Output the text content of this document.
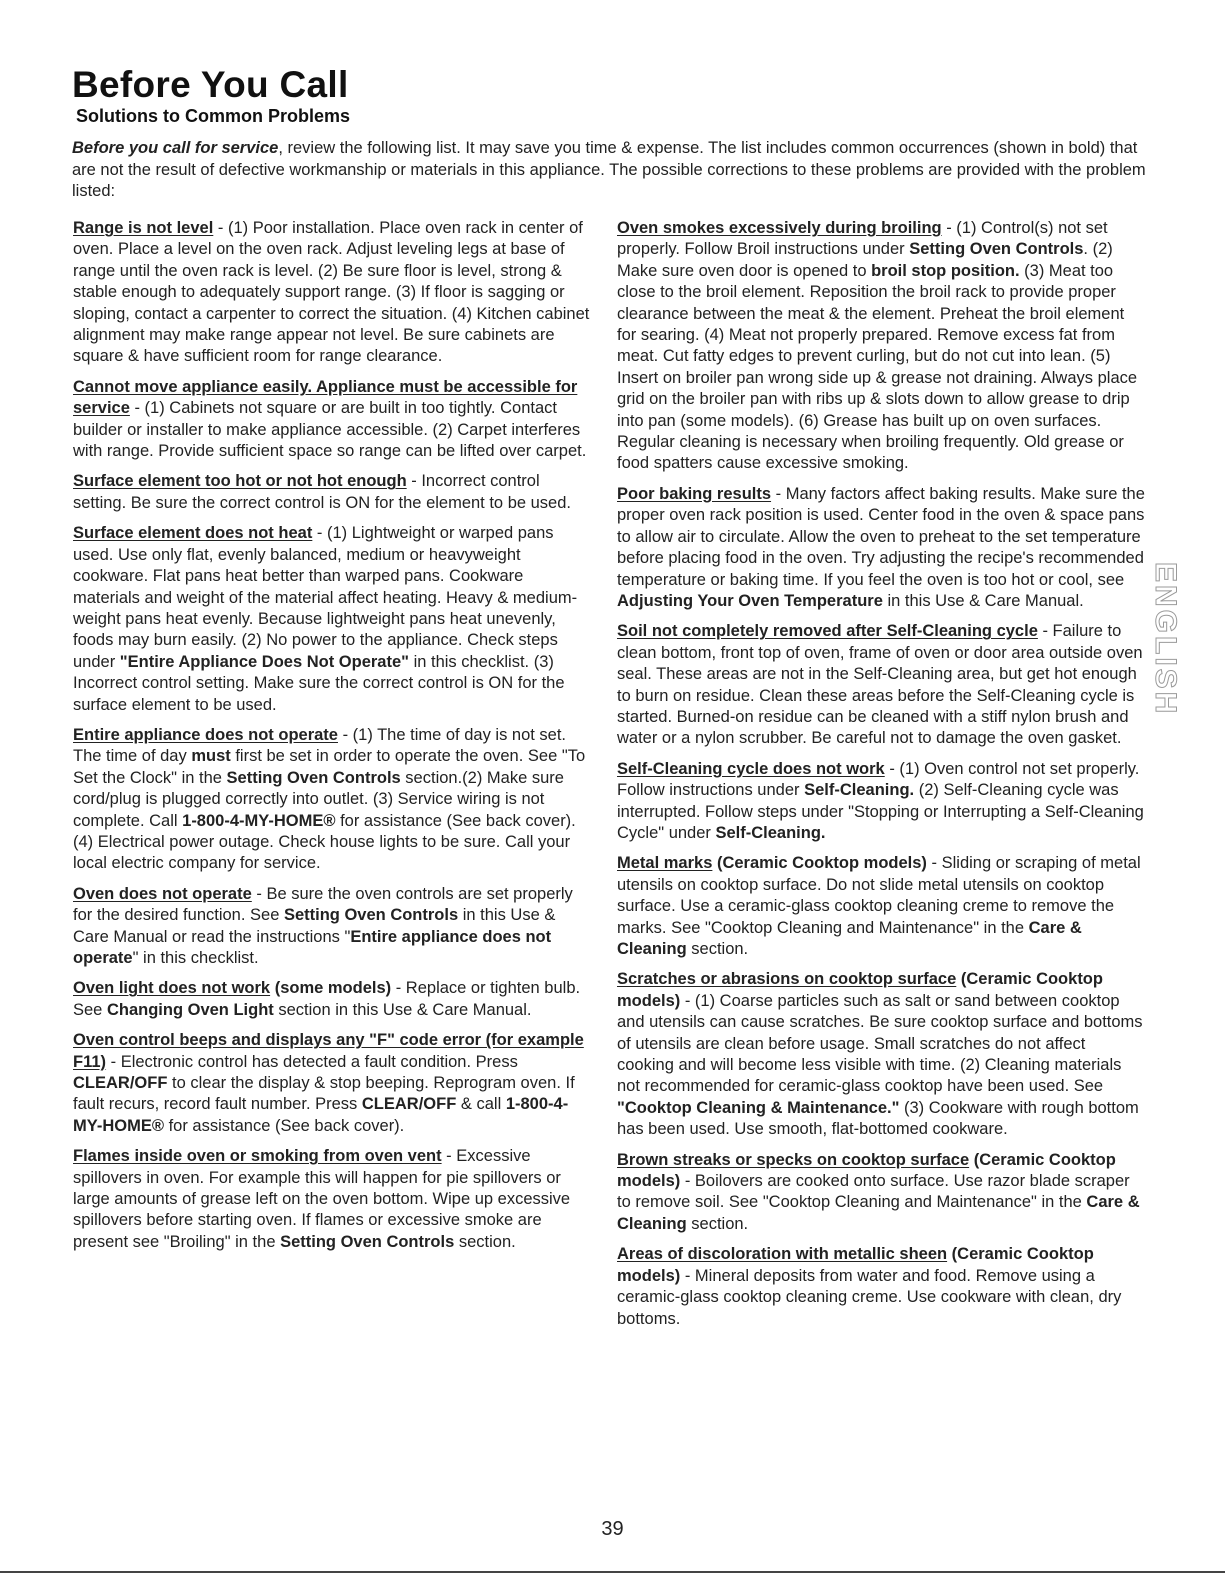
Before You Call
Solutions to Common Problems
Before you call for service, review the following list. It may save you time & expense. The list includes common occurrences (shown in bold) that are not the result of defective workmanship or materials in this appliance. The possible corrections to these problems are provided with the problem listed:

Range is not level - (1) Poor installation. Place oven rack in center of oven. Place a level on the oven rack. Adjust leveling legs at base of range until the oven rack is level. (2) Be sure floor is level, strong & stable enough to adequately support range. (3) If floor is sagging or sloping, contact a carpenter to correct the situation. (4) Kitchen cabinet alignment may make range appear not level. Be sure cabinets are square & have sufficient room for range clearance.

Cannot move appliance easily. Appliance must be accessible for service - (1) Cabinets not square or are built in too tightly. Contact builder or installer to make appliance accessible. (2) Carpet interferes with range. Provide sufficient space so range can be lifted over carpet.

Surface element too hot or not hot enough - Incorrect control setting. Be sure the correct control is ON for the element to be used.

Surface element does not heat - (1) Lightweight or warped pans used. Use only flat, evenly balanced, medium or heavyweight cookware. Flat pans heat better than warped pans. Cookware materials and weight of the material affect heating. Heavy & medium-weight pans heat evenly. Because lightweight pans heat unevenly, foods may burn easily. (2) No power to the appliance. Check steps under "Entire Appliance Does Not Operate" in this checklist. (3) Incorrect control setting. Make sure the correct control is ON for the surface element to be used.

Entire appliance does not operate - (1) The time of day is not set. The time of day must first be set in order to operate the oven. See "To Set the Clock" in the Setting Oven Controls section.(2) Make sure cord/plug is plugged correctly into outlet. (3) Service wiring is not complete. Call 1-800-4-MY-HOME® for assistance (See back cover). (4) Electrical power outage. Check house lights to be sure. Call your local electric company for service.

Oven does not operate - Be sure the oven controls are set properly for the desired function. See Setting Oven Controls in this Use & Care Manual or read the instructions "Entire appliance does not operate" in this checklist.

Oven light does not work (some models) - Replace or tighten bulb. See Changing Oven Light section in this Use & Care Manual.

Oven control beeps and displays any "F" code error (for example F11) - Electronic control has detected a fault condition. Press CLEAR/OFF to clear the display & stop beeping. Reprogram oven. If fault recurs, record fault number. Press CLEAR/OFF & call 1-800-4-MY-HOME® for assistance (See back cover).

Flames inside oven or smoking from oven vent - Excessive spillovers in oven. For example this will happen for pie spillovers or large amounts of grease left on the oven bottom. Wipe up excessive spillovers before starting oven. If flames or excessive smoke are present see "Broiling" in the Setting Oven Controls section.

Oven smokes excessively during broiling - (1) Control(s) not set properly. Follow Broil instructions under Setting Oven Controls. (2) Make sure oven door is opened to broil stop position. (3) Meat too close to the broil element. Reposition the broil rack to provide proper clearance between the meat & the element. Preheat the broil element for searing. (4) Meat not properly prepared. Remove excess fat from meat. Cut fatty edges to prevent curling, but do not cut into lean. (5) Insert on broiler pan wrong side up & grease not draining. Always place grid on the broiler pan with ribs up & slots down to allow grease to drip into pan (some models). (6) Grease has built up on oven surfaces. Regular cleaning is necessary when broiling frequently. Old grease or food spatters cause excessive smoking.

Poor baking results - Many factors affect baking results. Make sure the proper oven rack position is used. Center food in the oven & space pans to allow air to circulate. Allow the oven to preheat to the set temperature before placing food in the oven. Try adjusting the recipe's recommended temperature or baking time. If you feel the oven is too hot or cool, see Adjusting Your Oven Temperature in this Use & Care Manual.

Soil not completely removed after Self-Cleaning cycle - Failure to clean bottom, front top of oven, frame of oven or door area outside oven seal. These areas are not in the Self-Cleaning area, but get hot enough to burn on residue. Clean these areas before the Self-Cleaning cycle is started. Burned-on residue can be cleaned with a stiff nylon brush and water or a nylon scrubber. Be careful not to damage the oven gasket.

Self-Cleaning cycle does not work - (1) Oven control not set properly. Follow instructions under Self-Cleaning. (2) Self-Cleaning cycle was interrupted. Follow steps under "Stopping or Interrupting a Self-Cleaning Cycle" under Self-Cleaning.

Metal marks (Ceramic Cooktop models) - Sliding or scraping of metal utensils on cooktop surface. Do not slide metal utensils on cooktop surface. Use a ceramic-glass cooktop cleaning creme to remove the marks. See "Cooktop Cleaning and Maintenance" in the Care & Cleaning section.

Scratches or abrasions on cooktop surface (Ceramic Cooktop models) - (1) Coarse particles such as salt or sand between cooktop and utensils can cause scratches. Be sure cooktop surface and bottoms of utensils are clean before usage. Small scratches do not affect cooking and will become less visible with time. (2) Cleaning materials not recommended for ceramic-glass cooktop have been used. See "Cooktop Cleaning & Maintenance." (3) Cookware with rough bottom has been used. Use smooth, flat-bottomed cookware.

Brown streaks or specks on cooktop surface (Ceramic Cooktop models) - Boilovers are cooked onto surface. Use razor blade scraper to remove soil. See "Cooktop Cleaning and Maintenance" in the Care & Cleaning section.

Areas of discoloration with metallic sheen (Ceramic Cooktop models) - Mineral deposits from water and food. Remove using a ceramic-glass cooktop cleaning creme. Use cookware with clean, dry bottoms.

ENGLISH
39
